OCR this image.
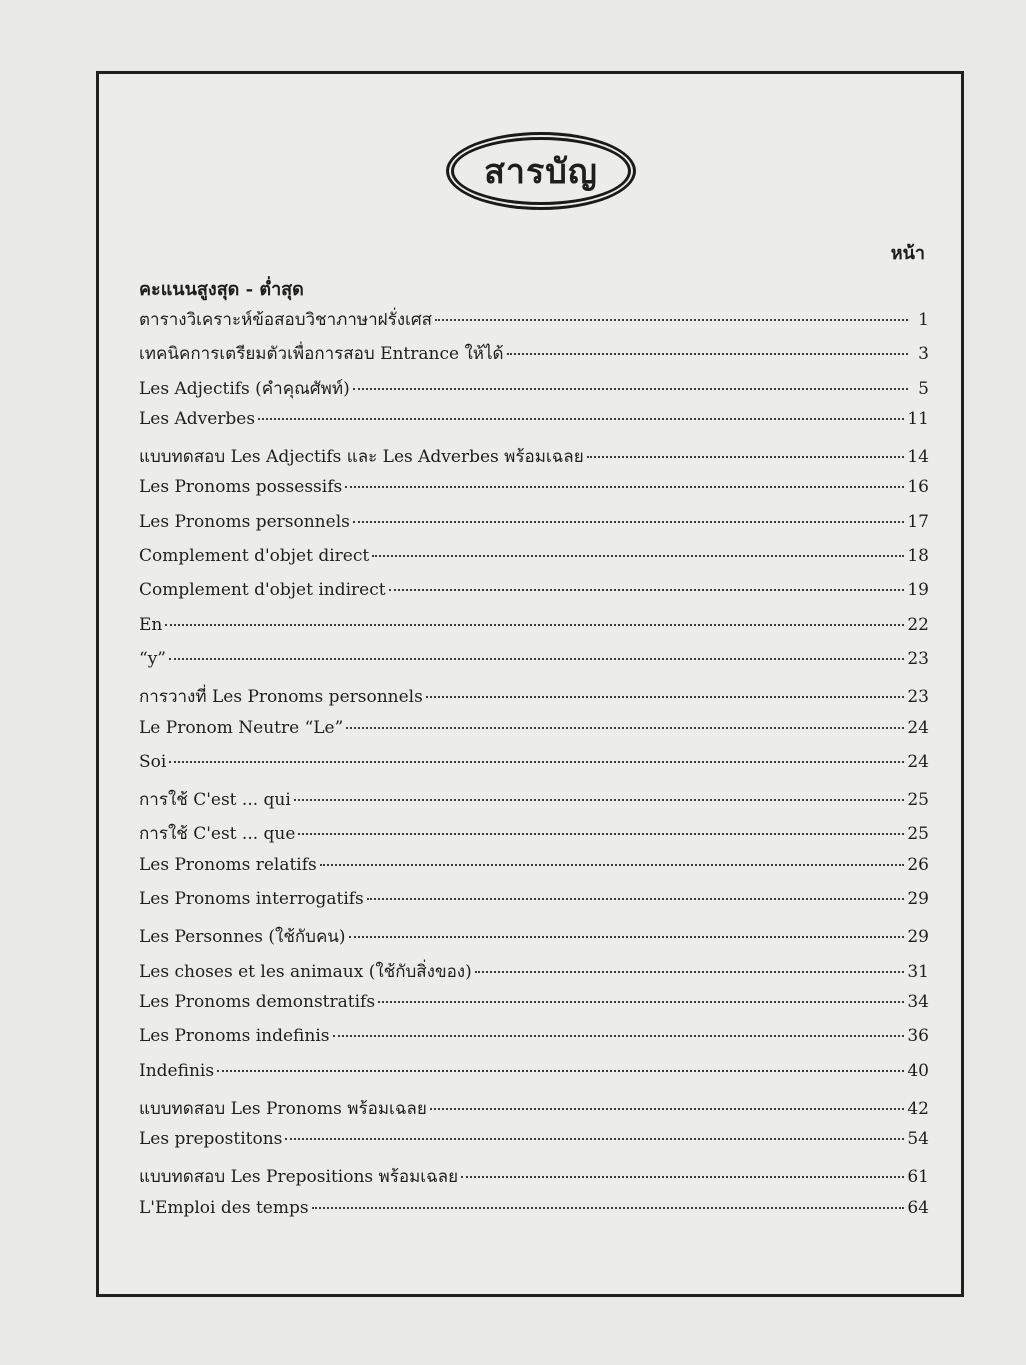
สารบัญ
หน้า
คะแนนสูงสุด - ต่ำสุด
ตารางวิเคราะห์ข้อสอบวิชาภาษาฝรั่งเศส	1
เทคนิคการเตรียมตัวเพื่อการสอบ Entrance ให้ได้	3
Les Adjectifs (คำคุณศัพท์)	5
Les Adverbes	11
แบบทดสอบ Les Adjectifs และ Les Adverbes พร้อมเฉลย	14
Les Pronoms possessifs	16
Les Pronoms personnels	17
Complement d'objet direct	18
Complement d'objet indirect	19
En	22
“y”	23
การวางที่ Les Pronoms personnels	23
Le Pronom Neutre “Le”	24
Soi	24
การใช้ C'est ... qui	25
การใช้ C'est ... que	25
Les Pronoms relatifs	26
Les Pronoms interrogatifs	29
Les Personnes (ใช้กับคน)	29
Les choses et les animaux (ใช้กับสิ่งของ)	31
Les Pronoms demonstratifs	34
Les Pronoms indefinis	36
Indefinis	40
แบบทดสอบ Les Pronoms พร้อมเฉลย	42
Les prepostitons	54
แบบทดสอบ Les Prepositions พร้อมเฉลย	61
L'Emploi des temps	64
